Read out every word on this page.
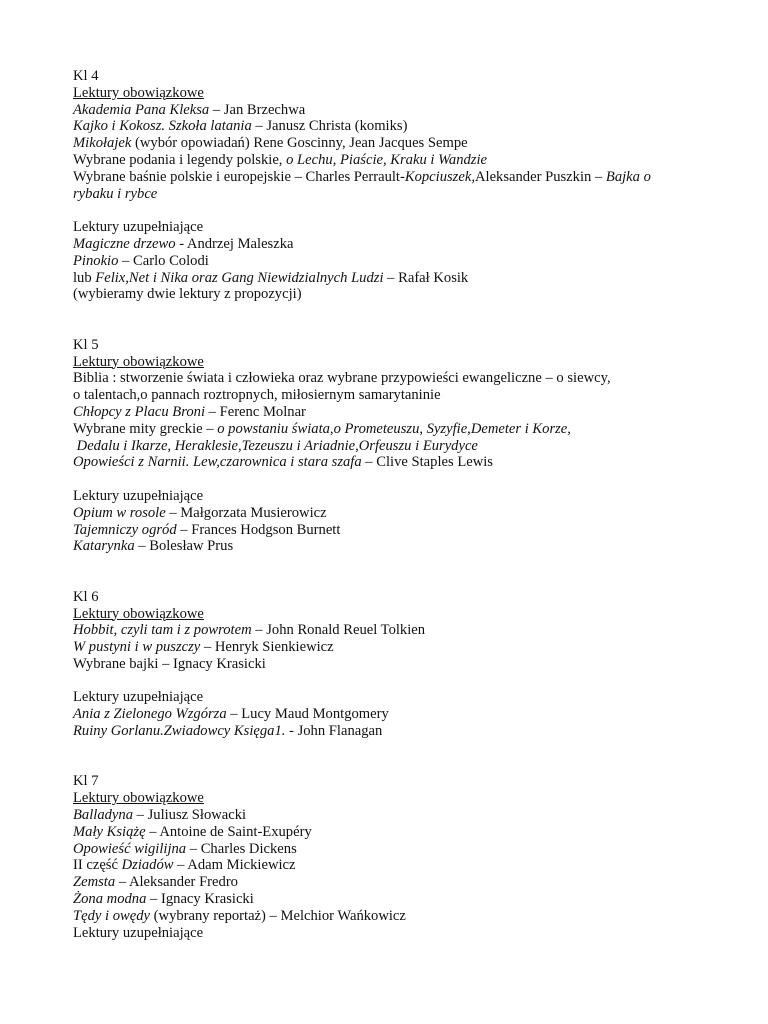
Kl 4
Lektury obowiązkowe
Akademia Pana Kleksa – Jan Brzechwa
Kajko i Kokosz. Szkoła latania – Janusz Christa (komiks)
Mikołajek (wybór opowiadań) Rene Goscinny, Jean Jacques Sempe
Wybrane podania i legendy polskie, o Lechu, Piaście, Kraku i Wandzie
Wybrane baśnie polskie i europejskie – Charles Perrault-Kopciuszek,Aleksander Puszkin – Bajka o
rybaku i rybce
Lektury uzupełniające
Magiczne drzewo - Andrzej Maleszka
Pinokio – Carlo Colodi
lub Felix,Net i Nika oraz Gang Niewidzialnych Ludzi – Rafał Kosik
(wybieramy dwie lektury z propozycji)
Kl 5
Lektury obowiązkowe
Biblia : stworzenie świata i człowieka oraz wybrane przypowieści ewangeliczne – o siewcy,
o talentach,o pannach roztropnych, miłosiernym samarytaninie
Chłopcy z Placu Broni – Ferenc Molnar
Wybrane mity greckie – o powstaniu świata,o Prometeuszu, Syzyfie,Demeter i Korze,
Dedalu i Ikarze, Heraklesie,Tezeuszu i Ariadnie,Orfeuszu i Eurydyce
Opowieści z Narnii. Lew,czarownica i stara szafa – Clive Staples Lewis
Lektury uzupełniające
Opium w rosole – Małgorzata Musierowicz
Tajemniczy ogród – Frances Hodgson Burnett
Katarynka – Bolesław Prus
Kl 6
Lektury obowiązkowe
Hobbit, czyli tam i z powrotem – John Ronald Reuel Tolkien
W pustyni i w puszczy – Henryk Sienkiewicz
Wybrane bajki – Ignacy Krasicki
Lektury uzupełniające
Ania z Zielonego Wzgórza – Lucy Maud Montgomery
Ruiny Gorlanu.Zwiadowcy Księga1. - John Flanagan
Kl 7
Lektury obowiązkowe
Balladyna – Juliusz Słowacki
Mały Książę – Antoine de Saint-Exupéry
Opowieść wigilijna – Charles Dickens
II część Dziadów – Adam Mickiewicz
Zemsta – Aleksander Fredro
Żona modna – Ignacy Krasicki
Tędy i owędy (wybrany reportaż) – Melchior Wańkowicz
Lektury uzupełniające
